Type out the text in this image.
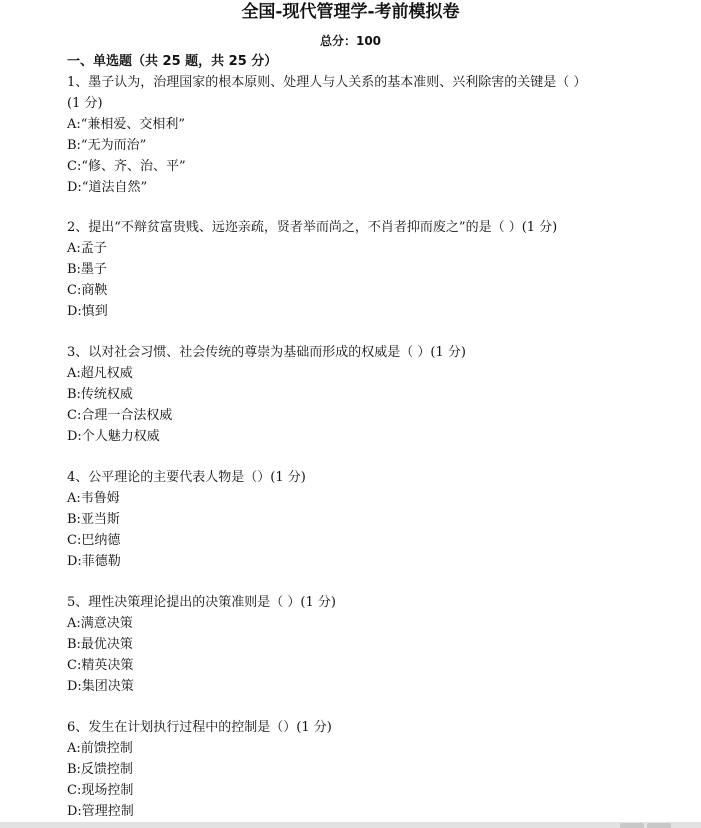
全国-现代管理学-考前模拟卷
总分：100
一、单选题（共 25 题，共 25 分）
1、墨子认为，治理国家的根本原则、处理人与人关系的基本准则、兴利除害的关键是（ ）
(1 分)
A:“兼相爱、交相利”
B:“无为而治”
C:“修、齐、治、平”
D:“道法自然”
2、提出“不辩贫富贵贱、远迩亲疏，贤者举而尚之，不肖者抑而废之”的是（ ）(1 分)
A:孟子
B:墨子
C:商鞅
D:慎到
3、以对社会习惯、社会传统的尊崇为基础而形成的权威是（ ）(1 分)
A:超凡权威
B:传统权威
C:合理一合法权威
D:个人魅力权威
4、公平理论的主要代表人物是（）(1 分)
A:韦鲁姆
B:亚当斯
C:巴纳德
D:菲德勒
5、理性决策理论提出的决策准则是（ ）(1 分)
A:满意决策
B:最优决策
C:精英决策
D:集团决策
6、发生在计划执行过程中的控制是（）(1 分)
A:前馈控制
B:反馈控制
C:现场控制
D:管理控制
